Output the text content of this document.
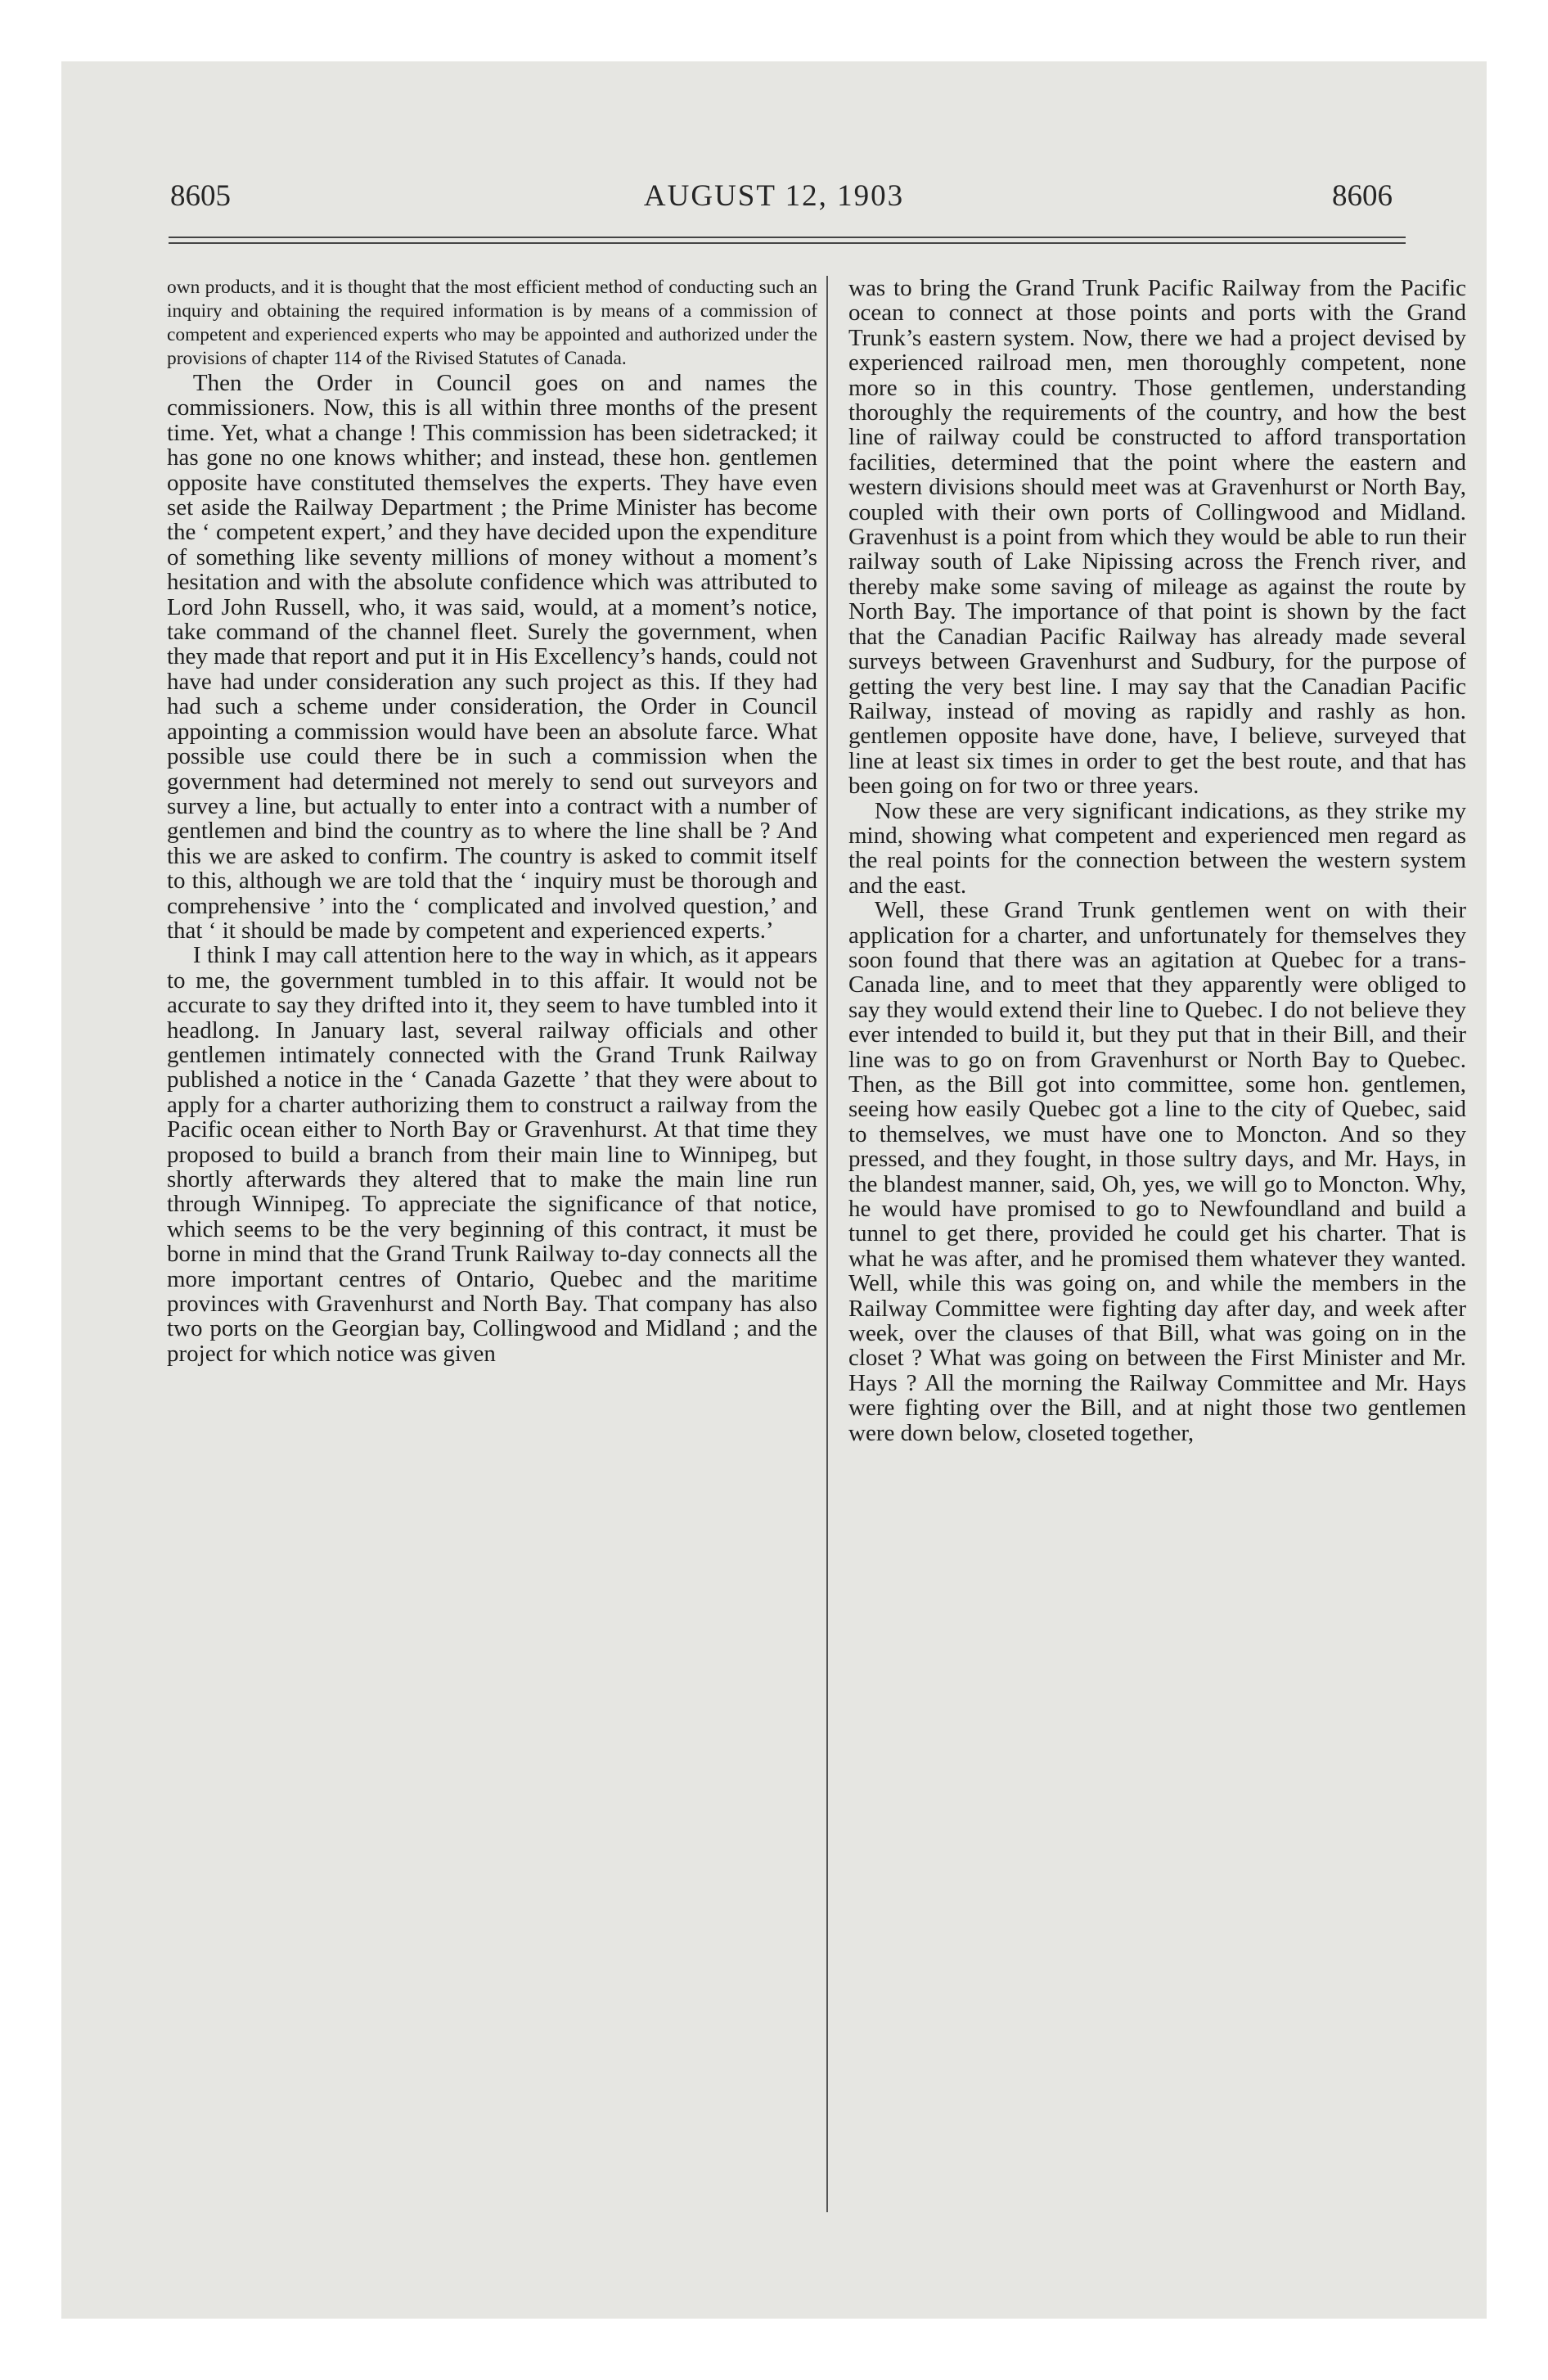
8605	AUGUST 12, 1903	8606

own products, and it is thought that the most efficient method of conducting such an inquiry and obtaining the required information is by means of a commission of competent and experienced experts who may be appointed and authorized under the provisions of chapter 114 of the Rivised Statutes of Canada.

Then the Order in Council goes on and names the commissioners. Now, this is all within three months of the present time. Yet, what a change ! This commission has been sidetracked; it has gone no one knows whither; and instead, these hon. gentlemen opposite have constituted themselves the experts. They have even set aside the Railway Department ; the Prime Minister has become the ‘ competent expert,’ and they have decided upon the expenditure of something like seventy millions of money without a moment’s hesitation and with the absolute confidence which was attributed to Lord John Russell, who, it was said, would, at a moment’s notice, take command of the channel fleet. Surely the government, when they made that report and put it in His Excellency’s hands, could not have had under consideration any such project as this. If they had had such a scheme under consideration, the Order in Council appointing a commission would have been an absolute farce. What possible use could there be in such a commission when the government had determined not merely to send out surveyors and survey a line, but actually to enter into a contract with a number of gentlemen and bind the country as to where the line shall be ? And this we are asked to confirm. The country is asked to commit itself to this, although we are told that the ‘ inquiry must be thorough and comprehensive ’ into the ‘ complicated and involved question,’ and that ‘ it should be made by competent and experienced experts.’

I think I may call attention here to the way in which, as it appears to me, the government tumbled in to this affair. It would not be accurate to say they drifted into it, they seem to have tumbled into it headlong. In January last, several railway officials and other gentlemen intimately connected with the Grand Trunk Railway published a notice in the ‘ Canada Gazette ’ that they were about to apply for a charter authorizing them to construct a railway from the Pacific ocean either to North Bay or Gravenhurst. At that time they proposed to build a branch from their main line to Winnipeg, but shortly afterwards they altered that to make the main line run through Winnipeg. To appreciate the significance of that notice, which seems to be the very beginning of this contract, it must be borne in mind that the Grand Trunk Railway to-day connects all the more important centres of Ontario, Quebec and the maritime provinces with Gravenhurst and North Bay. That company has also two ports on the Georgian bay, Collingwood and Midland ; and the project for which notice was given

was to bring the Grand Trunk Pacific Railway from the Pacific ocean to connect at those points and ports with the Grand Trunk’s eastern system. Now, there we had a project devised by experienced railroad men, men thoroughly competent, none more so in this country. Those gentlemen, understanding thoroughly the requirements of the country, and how the best line of railway could be constructed to afford transportation facilities, determined that the point where the eastern and western divisions should meet was at Gravenhurst or North Bay, coupled with their own ports of Collingwood and Midland. Gravenhust is a point from which they would be able to run their railway south of Lake Nipissing across the French river, and thereby make some saving of mileage as against the route by North Bay. The importance of that point is shown by the fact that the Canadian Pacific Railway has already made several surveys between Gravenhurst and Sudbury, for the purpose of getting the very best line. I may say that the Canadian Pacific Railway, instead of moving as rapidly and rashly as hon. gentlemen opposite have done, have, I believe, surveyed that line at least six times in order to get the best route, and that has been going on for two or three years.

Now these are very significant indications, as they strike my mind, showing what competent and experienced men regard as the real points for the connection between the western system and the east.

Well, these Grand Trunk gentlemen went on with their application for a charter, and unfortunately for themselves they soon found that there was an agitation at Quebec for a trans-Canada line, and to meet that they apparently were obliged to say they would extend their line to Quebec. I do not believe they ever intended to build it, but they put that in their Bill, and their line was to go on from Gravenhurst or North Bay to Quebec. Then, as the Bill got into committee, some hon. gentlemen, seeing how easily Quebec got a line to the city of Quebec, said to themselves, we must have one to Moncton. And so they pressed, and they fought, in those sultry days, and Mr. Hays, in the blandest manner, said, Oh, yes, we will go to Moncton. Why, he would have promised to go to Newfoundland and build a tunnel to get there, provided he could get his charter. That is what he was after, and he promised them whatever they wanted. Well, while this was going on, and while the members in the Railway Committee were fighting day after day, and week after week, over the clauses of that Bill, what was going on in the closet ? What was going on between the First Minister and Mr. Hays ? All the morning the Railway Committee and Mr. Hays were fighting over the Bill, and at night those two gentlemen were down below, closeted together,
